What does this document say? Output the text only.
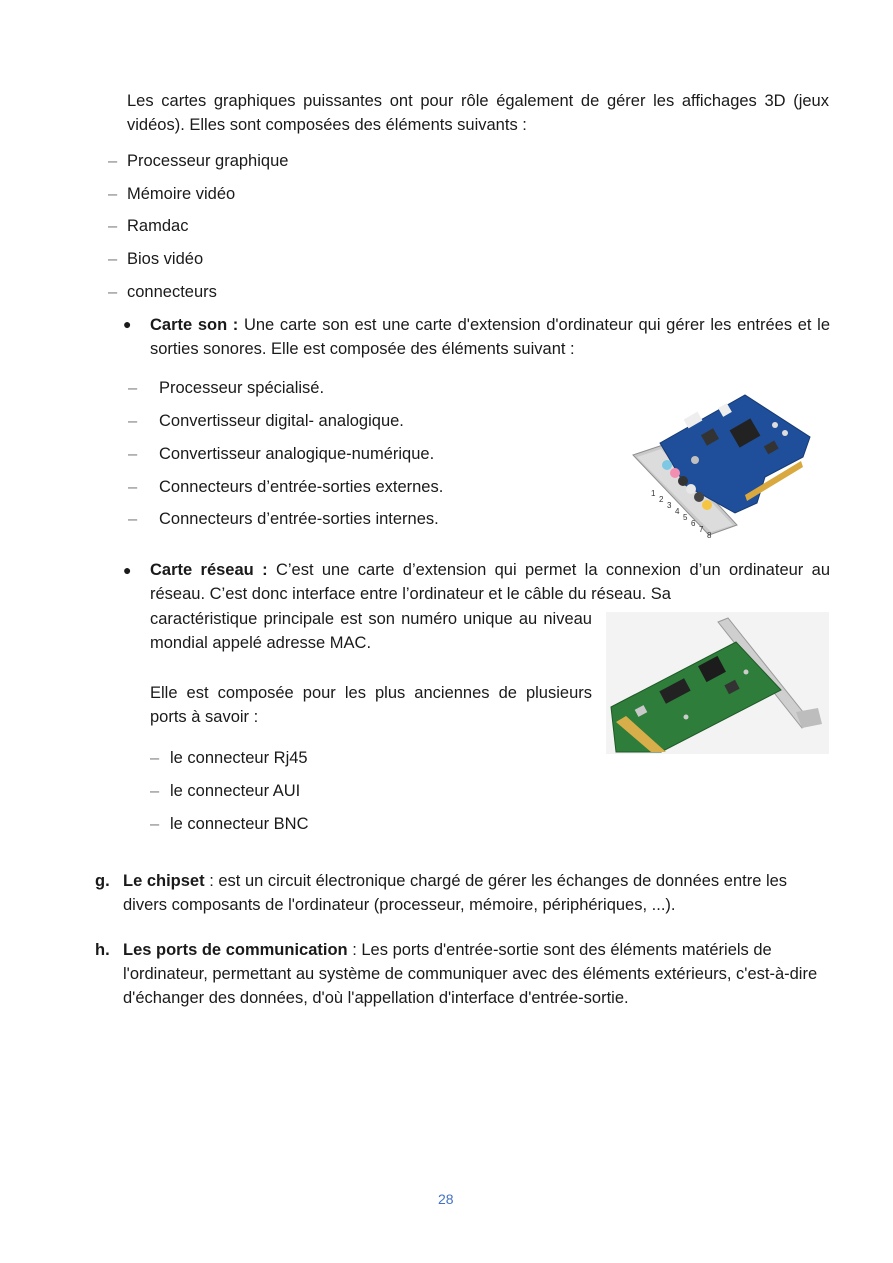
Les cartes graphiques puissantes ont pour rôle également de gérer les affichages 3D (jeux vidéos). Elles sont composées des éléments suivants :

– Processeur graphique
– Mémoire vidéo
– Ramdac
– Bios vidéo
– connecteurs
● Carte son : Une carte son est une carte d'extension d'ordinateur qui gérer les entrées et le sorties sonores. Elle est composée des éléments suivant :

– Processeur spécialisé.
– Convertisseur digital- analogique.
– Convertisseur analogique-numérique.
– Connecteurs d’entrée-sorties externes.
– Connecteurs d’entrée-sorties internes.
1
2
3
4
5
6
7
8
● Carte réseau : C’est une carte d’extension qui permet la connexion d’un ordinateur au réseau. C’est donc interface entre l’ordinateur et le câble du réseau. Sa

caractéristique principale est son numéro unique au niveau mondial appelé adresse MAC.

Elle est composée pour les plus anciennes de plusieurs ports à savoir :

– le connecteur Rj45
– le connecteur AUI
– le connecteur BNC
g. Le chipset : est un circuit électronique chargé de gérer les échanges de données entre les divers composants de l'ordinateur (processeur, mémoire, périphériques, ...).

h. Les ports de communication : Les ports d'entrée-sortie sont des éléments matériels de l'ordinateur, permettant au système de communiquer avec des éléments extérieurs, c'est-à-dire d'échanger des données, d'où l'appellation d'interface d'entrée-sortie.

28
